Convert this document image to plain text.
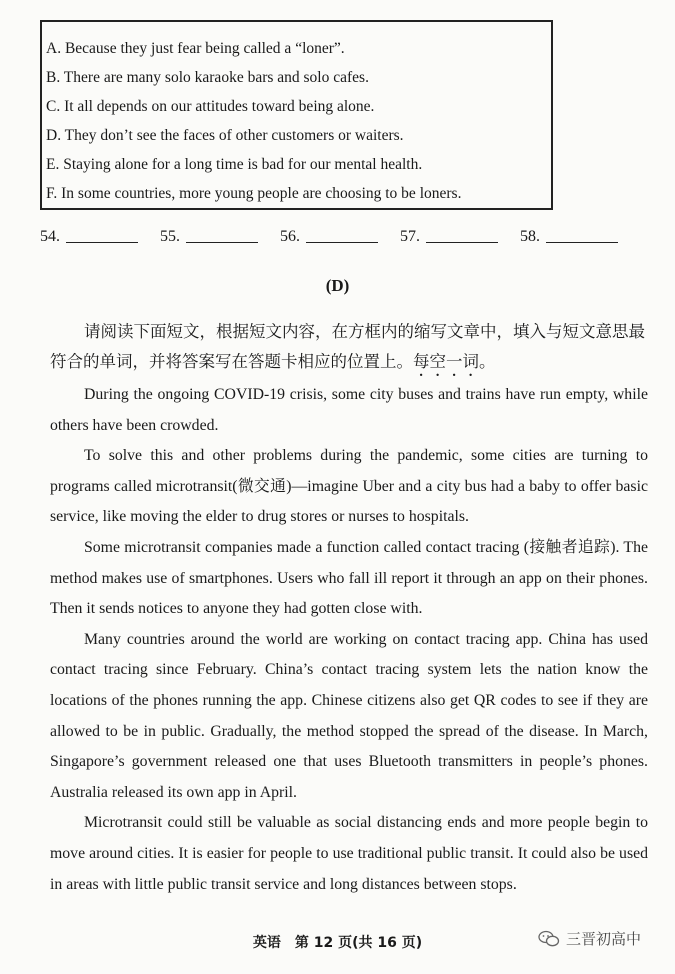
A. Because they just fear being called a “loner”.
B. There are many solo karaoke bars and solo cafes.
C. It all depends on our attitudes toward being alone.
D. They don’t see the faces of other customers or waiters.
E. Staying alone for a long time is bad for our mental health.
F. In some countries, more young people are choosing to be loners.
54.	55.	56.	57.	58.
(D)
请阅读下面短文，根据短文内容，在方框内的缩写文章中，填入与短文意思最符合的单词，并将答案写在答题卡相应的位置上。每空一词。

During the ongoing COVID-19 crisis, some city buses and trains have run empty, while others have been crowded.

To solve this and other problems during the pandemic, some cities are turning to programs called microtransit(微交通)—imagine Uber and a city bus had a baby to offer basic service, like moving the elder to drug stores or nurses to hospitals.

Some microtransit companies made a function called contact tracing (接触者追踪). The method makes use of smartphones. Users who fall ill report it through an app on their phones. Then it sends notices to anyone they had gotten close with.

Many countries around the world are working on contact tracing app. China has used contact tracing since February. China’s contact tracing system lets the nation know the locations of the phones running the app. Chinese citizens also get QR codes to see if they are allowed to be in public. Gradually, the method stopped the spread of the disease. In March, Singapore’s government released one that uses Bluetooth transmitters in people’s phones. Australia released its own app in April.

Microtransit could still be valuable as social distancing ends and more people begin to move around cities. It is easier for people to use traditional public transit. It could also be used in areas with little public transit service and long distances between stops.

英语　第 12 页(共 16 页)	三晋初高中
